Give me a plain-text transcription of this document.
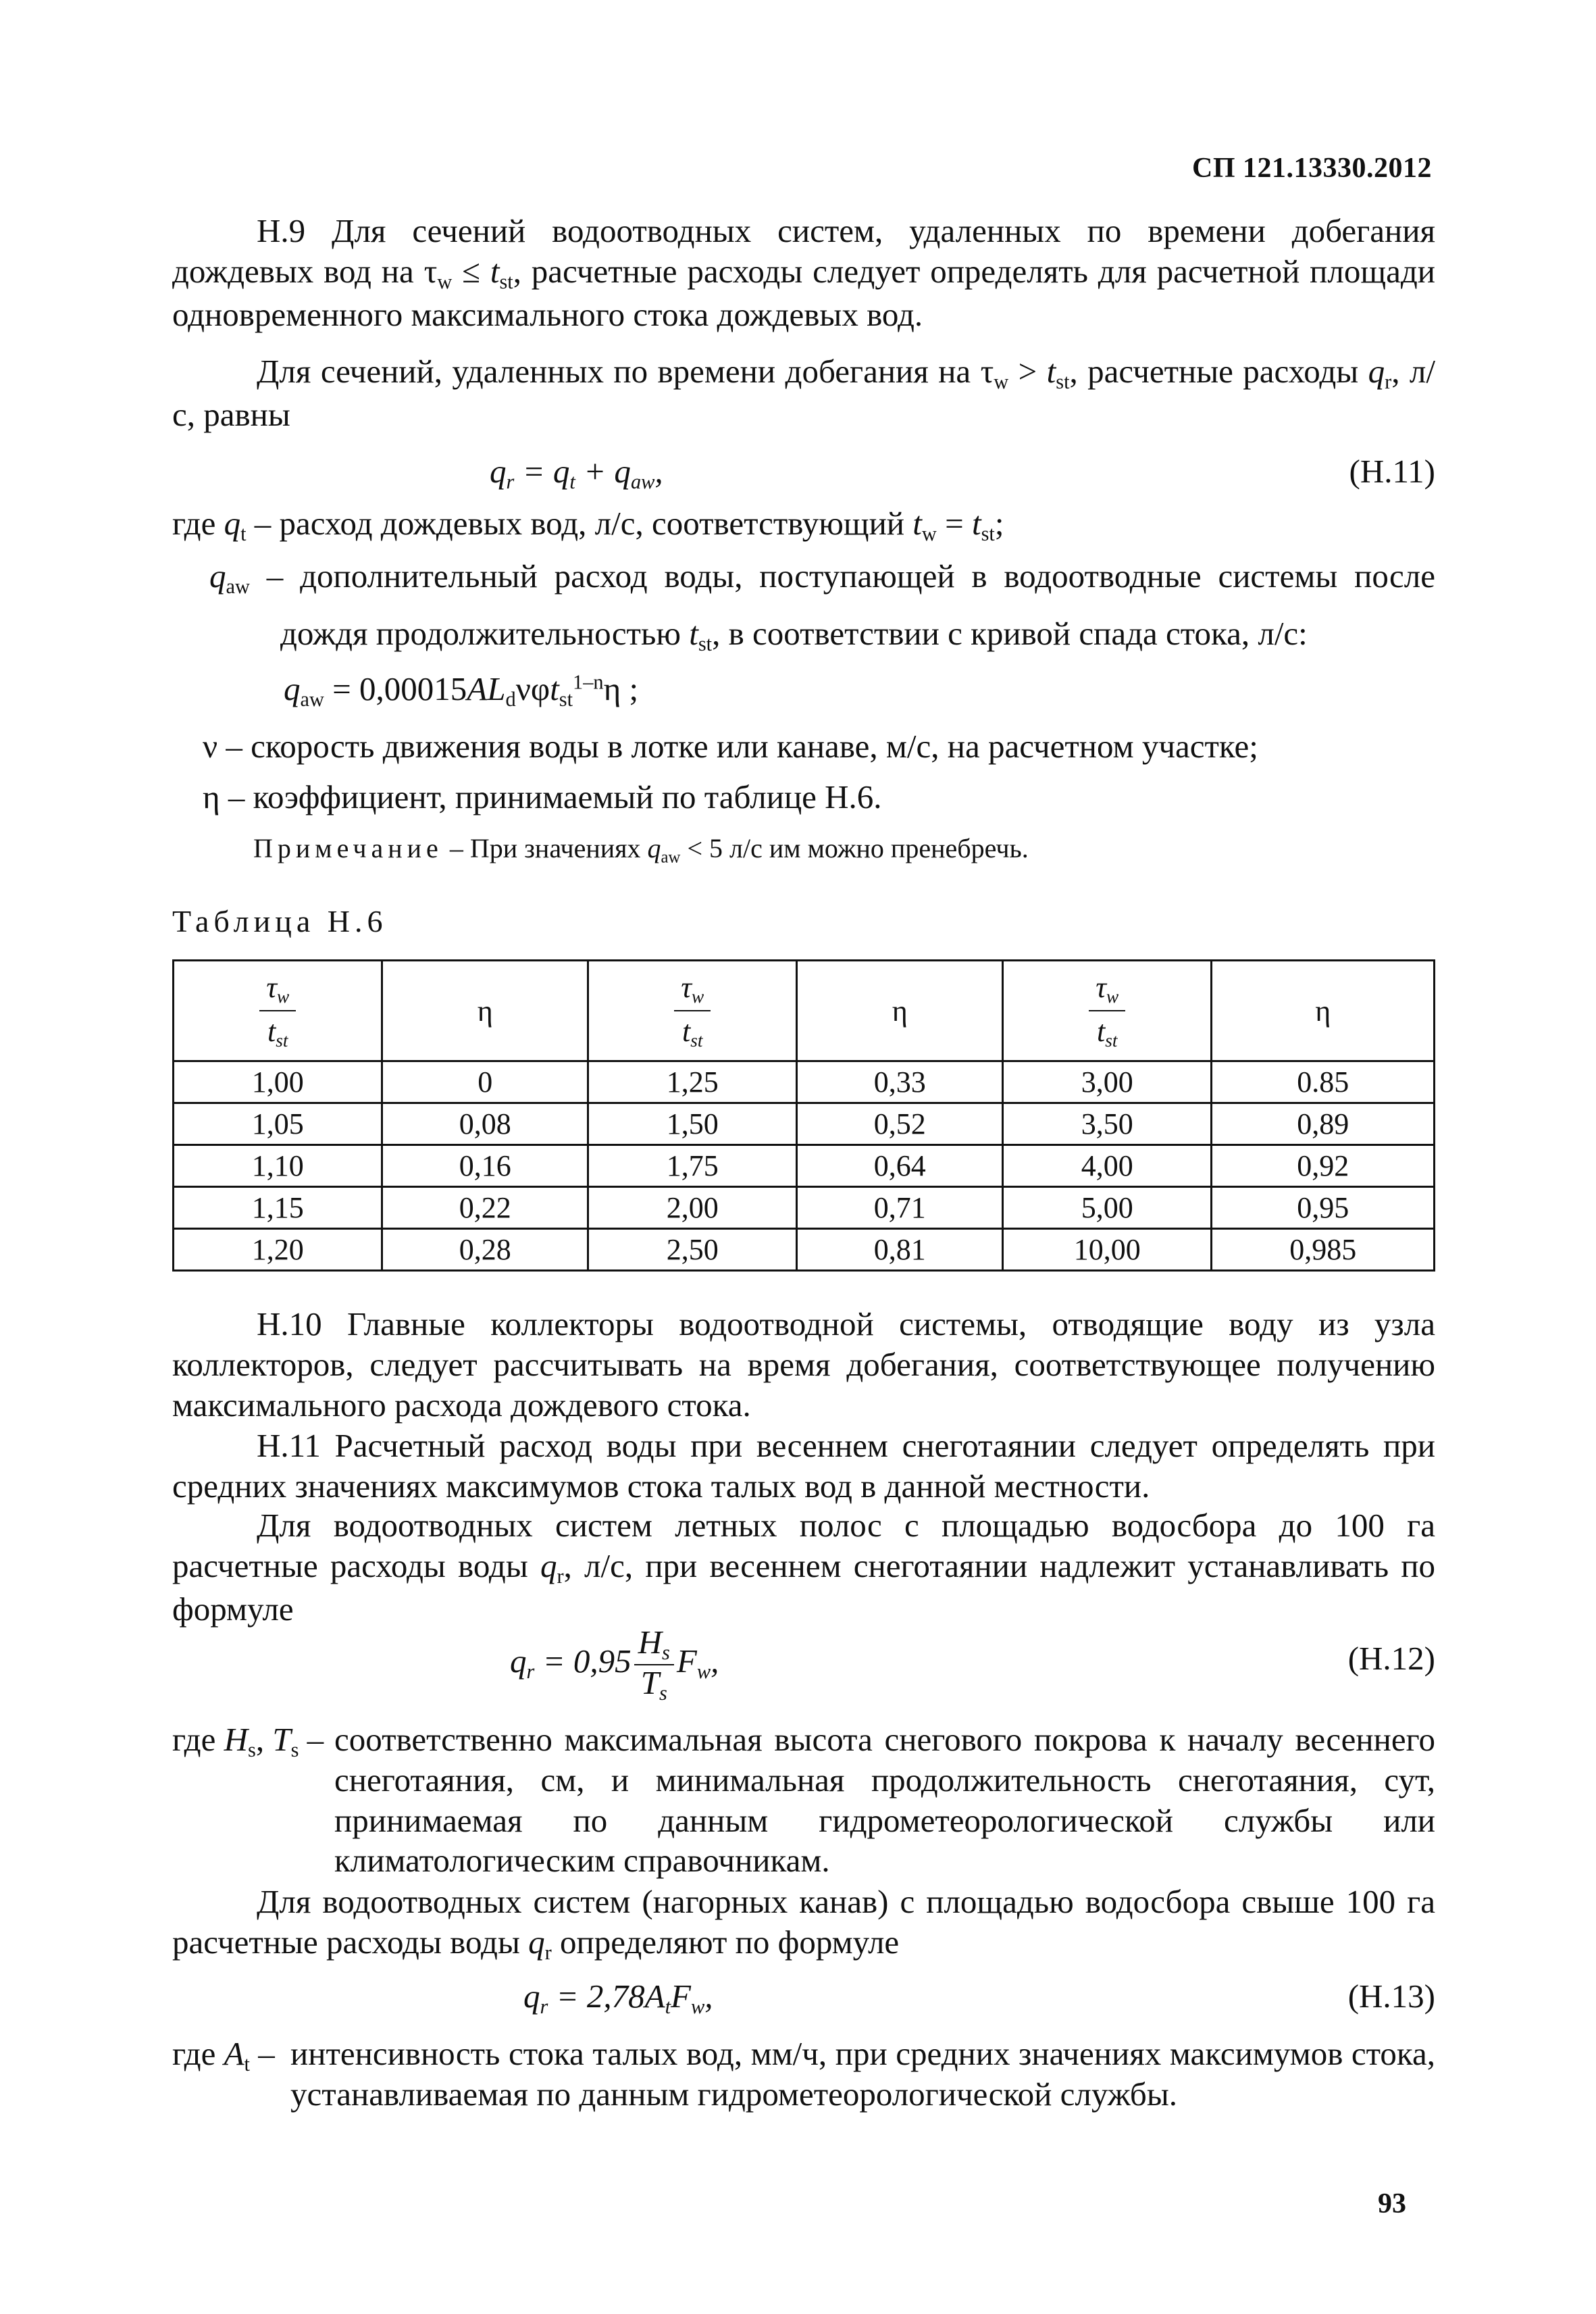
СП 121.13330.2012
Н.9 Для сечений водоотводных систем, удаленных по времени добегания дождевых вод на $\tau_w \le t_{st}$, расчетные расходы следует определять для расчетной площади одновременного максимального стока дождевых вод.
Для сечений, удаленных по времени добегания на $\tau_w > t_{st}$, расчетные расходы $q_r$, л/с, равны
$q_r = q_t + q_{aw}$,	(Н.11)
где $q_t$ – расход дождевых вод, л/с, соответствующий $t_w = t_{st}$;
$q_{aw}$ – дополнительный расход воды, поступающей в водоотводные системы после
дождя продолжительностью $t_{st}$, в соответствии с кривой спада стока, л/с:
$q_{aw} = 0,00015AL_d\nu\varphi t_{st}^{1-n}\eta$ ;
ν – скорость движения воды в лотке или канаве, м/с, на расчетном участке;
η – коэффициент, принимаемый по таблице Н.6.
Примечание – При значениях $q_{aw} < 5$ л/с им можно пренебречь.
Таблица Н.6
$\frac{\tau_w}{t_{st}}$	η	$\frac{\tau_w}{t_{st}}$	η	$\frac{\tau_w}{t_{st}}$	η
1,00	0	1,25	0,33	3,00	0.85
1,05	0,08	1,50	0,52	3,50	0,89
1,10	0,16	1,75	0,64	4,00	0,92
1,15	0,22	2,00	0,71	5,00	0,95
1,20	0,28	2,50	0,81	10,00	0,985
Н.10 Главные коллекторы водоотводной системы, отводящие воду из узла коллекторов, следует рассчитывать на время добегания, соответствующее получению максимального расхода дождевого стока.
Н.11 Расчетный расход воды при весеннем снеготаянии следует определять при средних значениях максимумов стока талых вод в данной местности.
Для водоотводных систем летных полос с площадью водосбора до 100 га расчетные расходы воды $q_r$, л/с, при весеннем снеготаянии надлежит устанавливать по формуле
$q_r = 0,95 \frac{H_s}{T_s} F_w$,	(Н.12)
где $H_s$, $T_s$ – соответственно максимальная высота снегового покрова к началу весеннего снеготаяния, см, и минимальная продолжительность снеготаяния, сут, принимаемая по данным гидрометеорологической службы или климатологическим справочникам.
Для водоотводных систем (нагорных канав) с площадью водосбора свыше 100 га расчетные расходы воды $q_r$ определяют по формуле
$q_r = 2,78A_tF_w$,	(Н.13)
где $A_t$ – интенсивность стока талых вод, мм/ч, при средних значениях максимумов стока, устанавливаемая по данным гидрометеорологической службы.
93
